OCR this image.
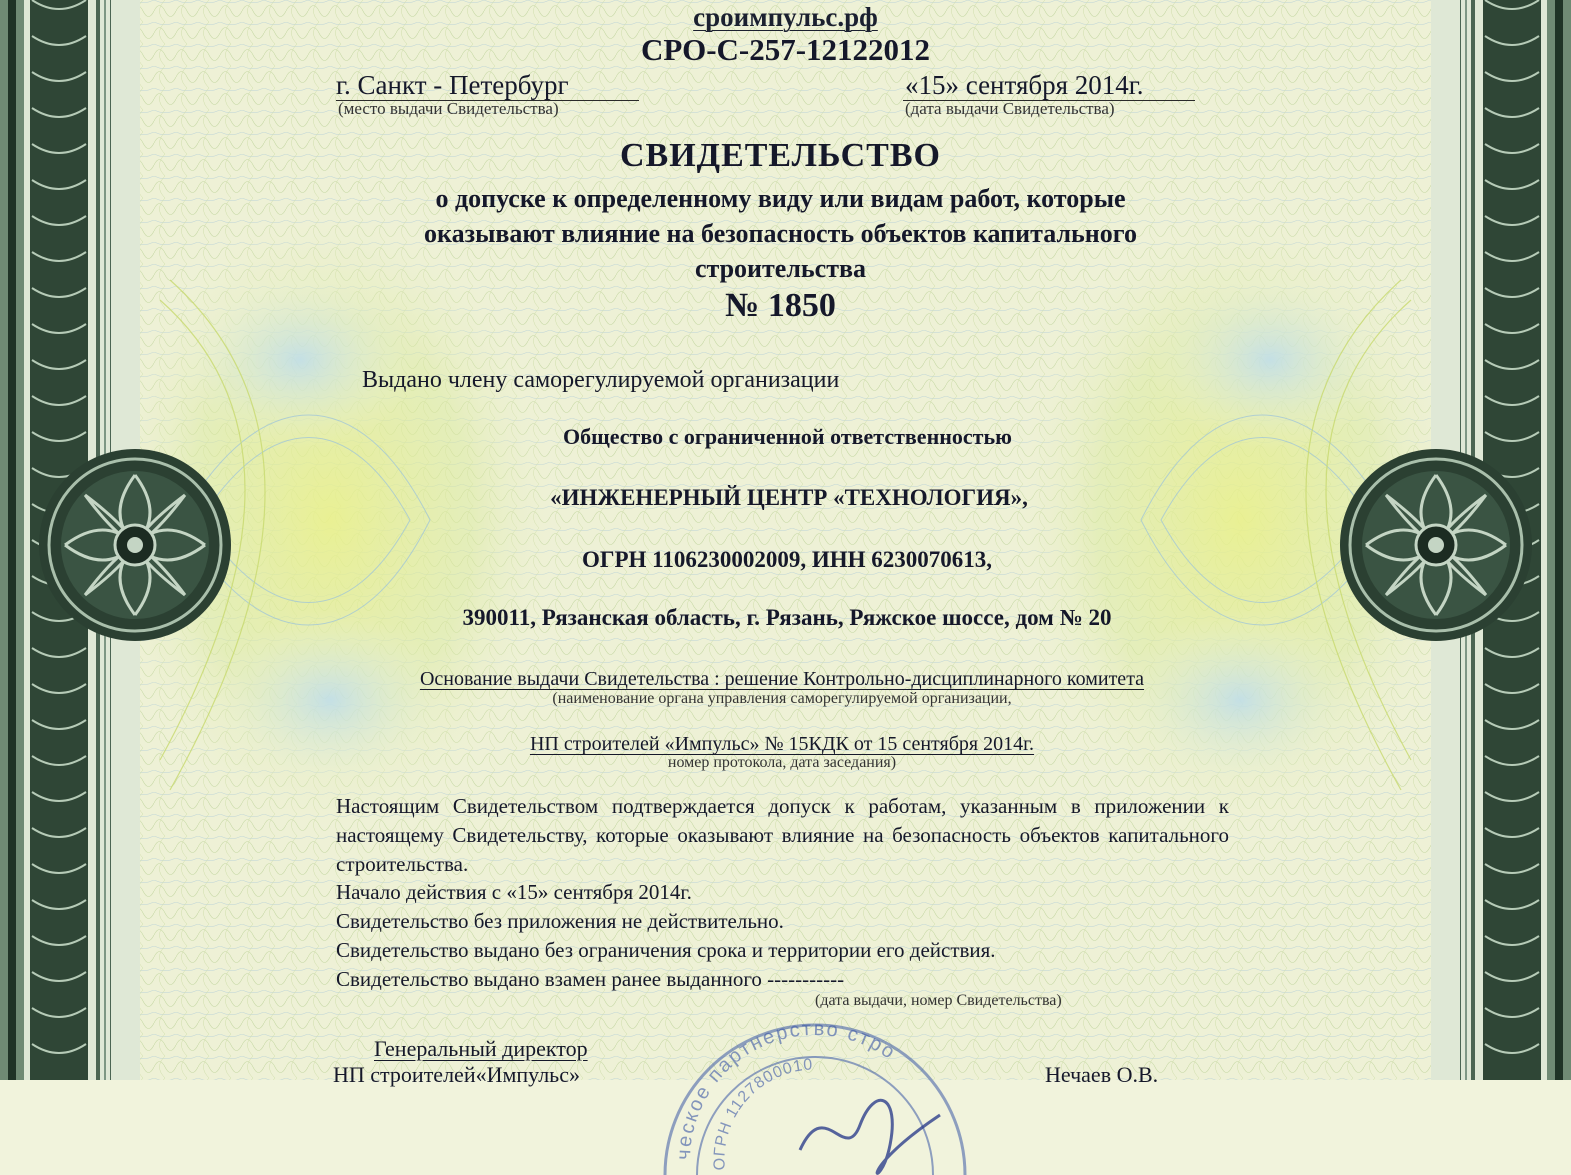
сроимпульс.рф
СРО-С-257-12122012
г. Санкт - Петербург
(место выдачи Свидетельства)
«15» сентября 2014г.
(дата выдачи Свидетельства)
СВИДЕТЕЛЬСТВО
о допуске к определенному виду или видам работ, которые
оказывают влияние на безопасность объектов капитального
строительства
№ 1850
Выдано члену саморегулируемой организации
Общество с ограниченной ответственностью
«ИНЖЕНЕРНЫЙ ЦЕНТР «ТЕХНОЛОГИЯ»,
ОГРН 1106230002009, ИНН 6230070613,
390011, Рязанская область, г. Рязань, Ряжское шоссе, дом № 20
Основание выдачи Свидетельства : решение Контрольно-дисциплинарного комитета
(наименование органа управления саморегулируемой организации,
НП строителей «Импульс» № 15КДК от 15 сентября 2014г.
номер протокола, дата заседания)
Настоящим Свидетельством подтверждается допуск к работам, указанным в приложении к настоящему Свидетельству, которые оказывают влияние на безопасность объектов капитального строительства.
Начало действия с «15» сентября 2014г.
Свидетельство без приложения не действительно.
Свидетельство выдано без ограничения срока и территории его действия.
Свидетельство выдано взамен ранее выданного -----------
(дата выдачи, номер Свидетельства)
ческое партнерство стро
ОГРН 1127800010
Генеральный директор
НП строителей«Импульс»	Нечаев О.В.
